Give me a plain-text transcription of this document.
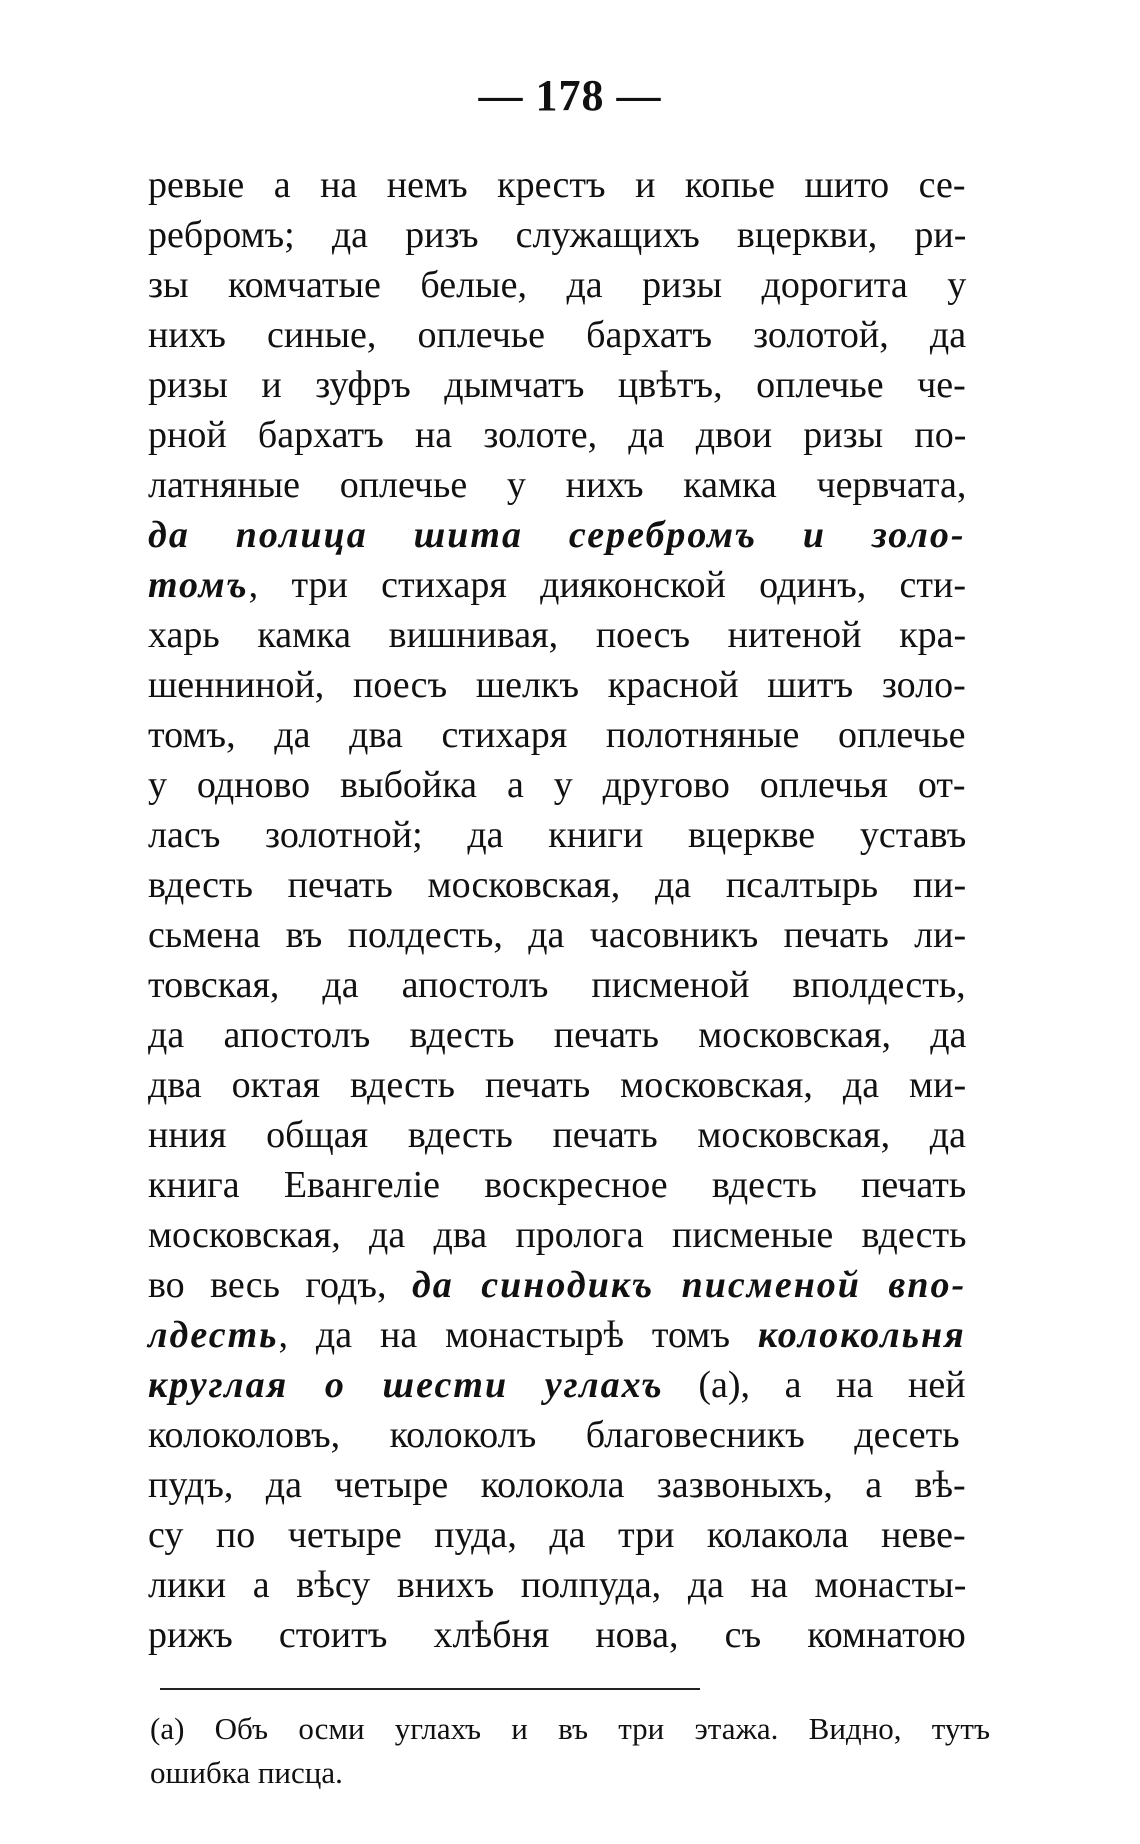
— 178 —
ревые а на немъ крестъ и копье шито се-
ребромъ; да ризъ служащихъ вцеркви, ри-
зы комчатые белые, да ризы дорогита у
нихъ синые, оплечье бархатъ золотой, да
ризы и зуфръ дымчатъ цвѣтъ, оплечье че-
рной бархатъ на золоте, да двои ризы по-
латняные оплечье у нихъ камка червчата,
да полица шита серебромъ и золо-
томъ, три стихаря дияконской одинъ, сти-
харь камка вишнивая, поесъ нитеной кра-
шенниной, поесъ шелкъ красной шитъ золо-
томъ, да два стихаря полотняные оплечье
у одново выбойка а у другово оплечья от-
ласъ золотной; да книги вцеркве уставъ
вдесть печать московская, да псалтырь пи-
сьмена въ полдесть, да часовникъ печать ли-
товская, да апостолъ писменой вполдесть,
да апостолъ вдесть печать московская, да
два октая вдесть печать московская, да ми-
нния общая вдесть печать московская, да
книга Евангеліе воскресное вдесть печать
московская, да два пролога писменые вдесть
во весь годъ, да синодикъ писменой впо-
лдесть, да на монастырѣ томъ колокольня
круглая о шести углахъ (а), а на ней
колоколовъ, колоколъ благовесникъ десеть
пудъ, да четыре колокола зазвоныхъ, а вѣ-
су по четыре пуда, да три колакола неве-
лики а вѣсу вниxъ полпуда, да на монасты-
рижъ стоитъ хлѣбня нова, съ комнатою
(а) Объ осми углахъ и въ три этажа. Видно, тутъ
ошибка писца.
